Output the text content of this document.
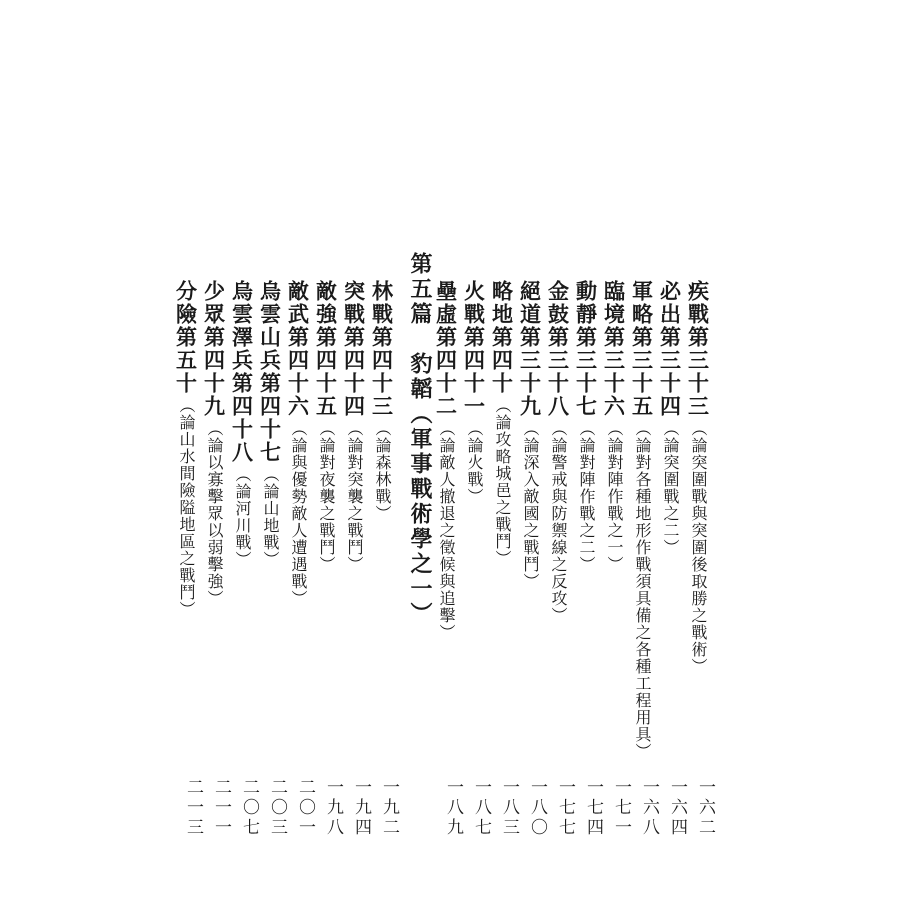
疾戰第三十三
（論突圍戰與突圍後取勝之戰術）
一六二
必出第三十四
（論突圍戰之二）
一六四
軍略第三十五
（論對各種地形作戰須具備之各種工程用具）
一六八
臨境第三十六
（論對陣作戰之一）
一七一
動靜第三十七
（論對陣作戰之二）
一七四
金鼓第三十八
（論警戒與防禦線之反攻）
一七七
絕道第三十九
（論深入敵國之戰鬥）
一八〇
略地第四十
（論攻略城邑之戰鬥）
一八三
火戰第四十一
（論火戰）
一八七
壘虛第四十二
（論敵人撤退之徵候與追擊）
一八九
第五篇　豹韜（軍事戰術學之一）
林戰第四十三
（論森林戰）
一九二
突戰第四十四
（論對突襲之戰鬥）
一九四
敵強第四十五
（論對夜襲之戰鬥）
一九八
敵武第四十六
（論與優勢敵人遭遇戰）
二〇一
烏雲山兵第四十七
（論山地戰）
二〇三
烏雲澤兵第四十八
（論河川戰）
二〇七
少眾第四十九
（論以寡擊眾以弱擊強）
二一一
分險第五十
（論山水間險隘地區之戰鬥）
二一三
